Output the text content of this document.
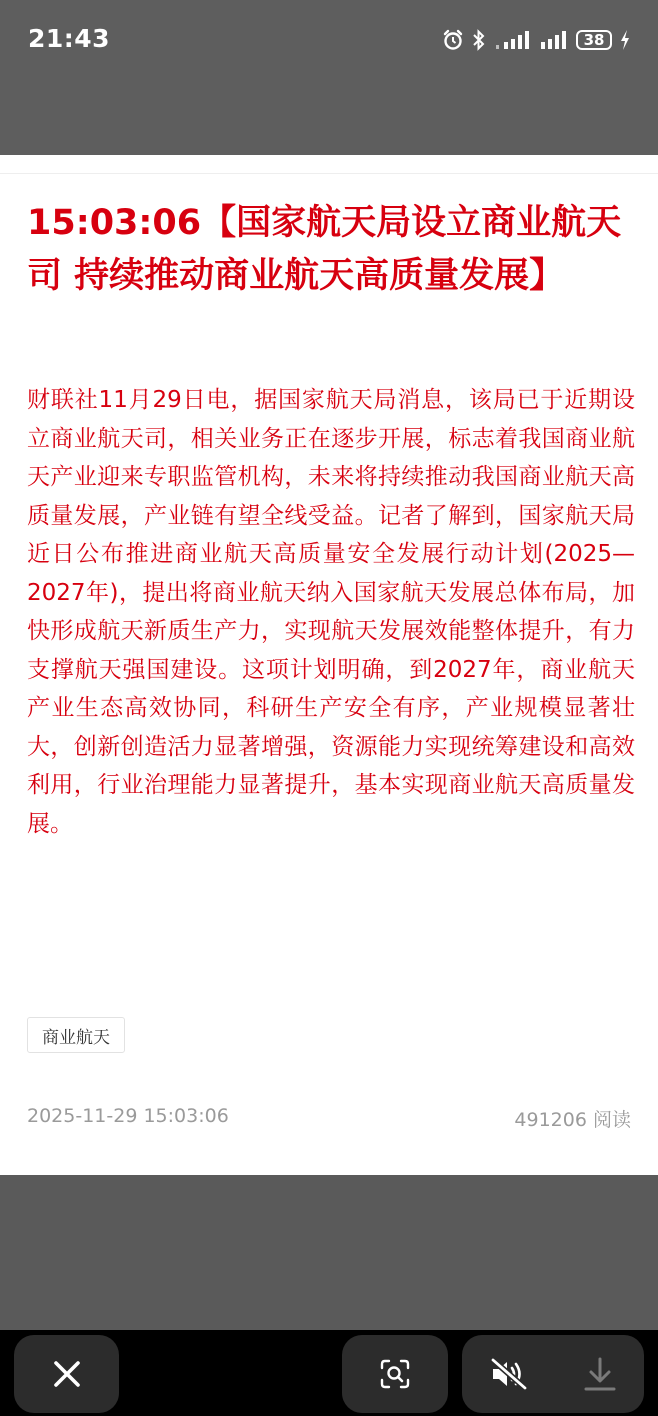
21:43	38
15:03:06【国家航天局设立商业航天司 持续推动商业航天高质量发展】

财联社11月29日电，据国家航天局消息，该局已于近期设立商业航天司，相关业务正在逐步开展，标志着我国商业航天产业迎来专职监管机构，未来将持续推动我国商业航天高质量发展，产业链有望全线受益。记者了解到，国家航天局近日公布推进商业航天高质量安全发展行动计划(2025—2027年)，提出将商业航天纳入国家航天发展总体布局，加快形成航天新质生产力，实现航天发展效能整体提升，有力支撑航天强国建设。这项计划明确，到2027年，商业航天产业生态高效协同，科研生产安全有序，产业规模显著壮大，创新创造活力显著增强，资源能力实现统筹建设和高效利用，行业治理能力显著提升，基本实现商业航天高质量发展。

商业航天
2025-11-29 15:03:06	491206 阅读
